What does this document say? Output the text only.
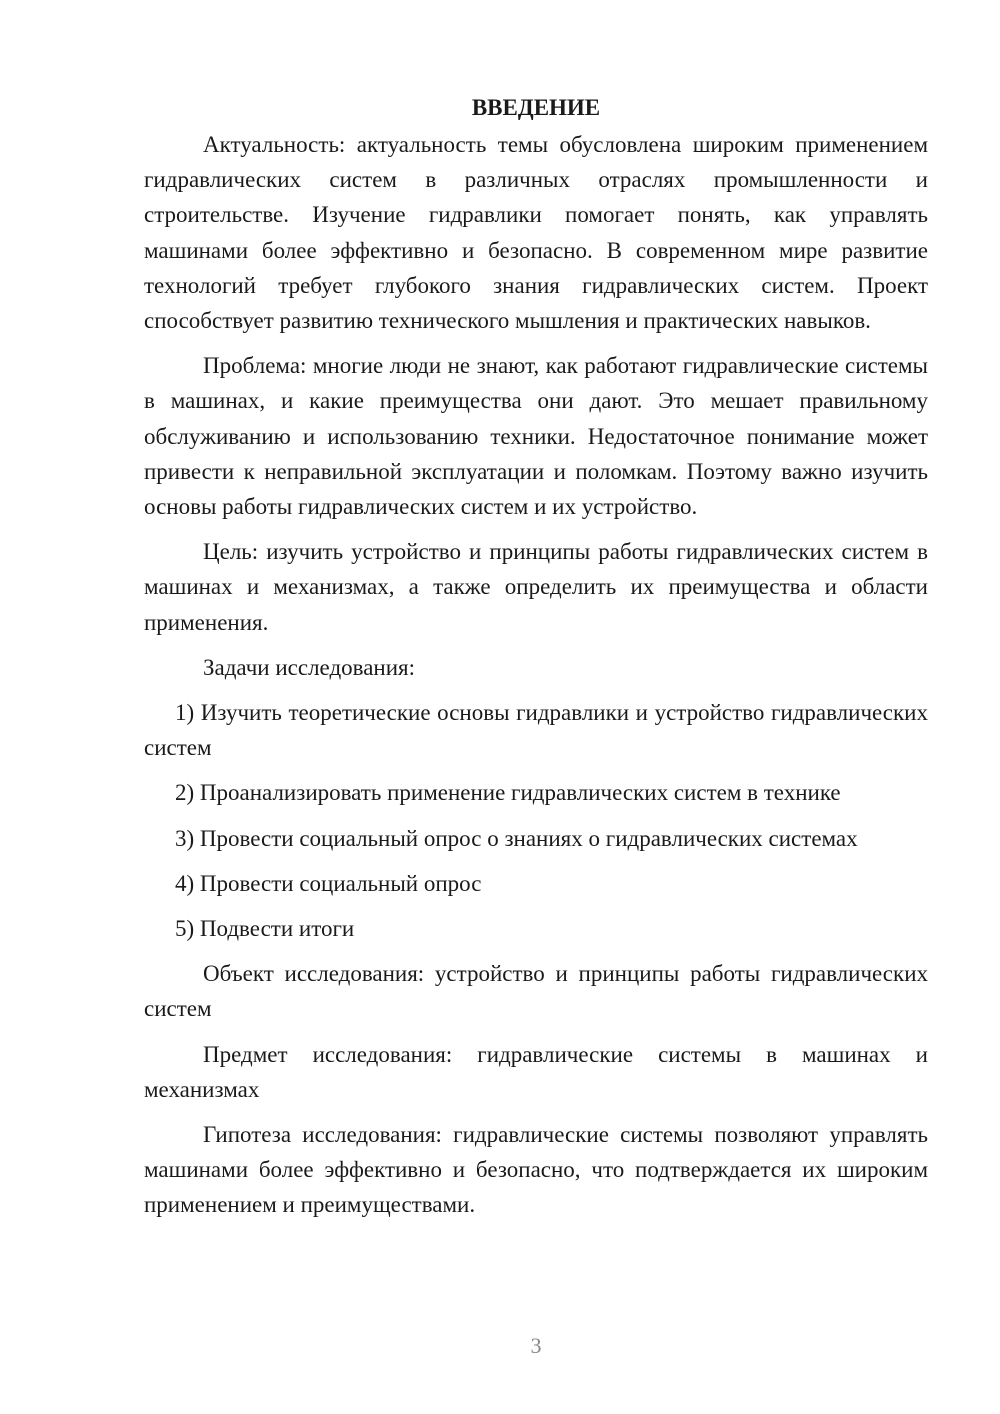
ВВЕДЕНИЕ

Актуальность: актуальность темы обусловлена широким применением гидравлических систем в различных отраслях промышленности и строительстве. Изучение гидравлики помогает понять, как управлять машинами более эффективно и безопасно. В современном мире развитие технологий требует глубокого знания гидравлических систем. Проект способствует развитию технического мышления и практических навыков.

Проблема: многие люди не знают, как работают гидравлические системы в машинах, и какие преимущества они дают. Это мешает правильному обслуживанию и использованию техники. Недостаточное понимание может привести к неправильной эксплуатации и поломкам. Поэтому важно изучить основы работы гидравлических систем и их устройство.

Цель: изучить устройство и принципы работы гидравлических систем в машинах и механизмах, а также определить их преимущества и области применения.

Задачи исследования:

1) Изучить теоретические основы гидравлики и устройство гидравлических систем

2) Проанализировать применение гидравлических систем в технике

3) Провести социальный опрос о знаниях о гидравлических системах

4) Провести социальный опрос

5) Подвести итоги

Объект исследования: устройство и принципы работы гидравлических систем

Предмет исследования: гидравлические системы в машинах и механизмах

Гипотеза исследования: гидравлические системы позволяют управлять машинами более эффективно и безопасно, что подтверждается их широким применением и преимуществами.

3
